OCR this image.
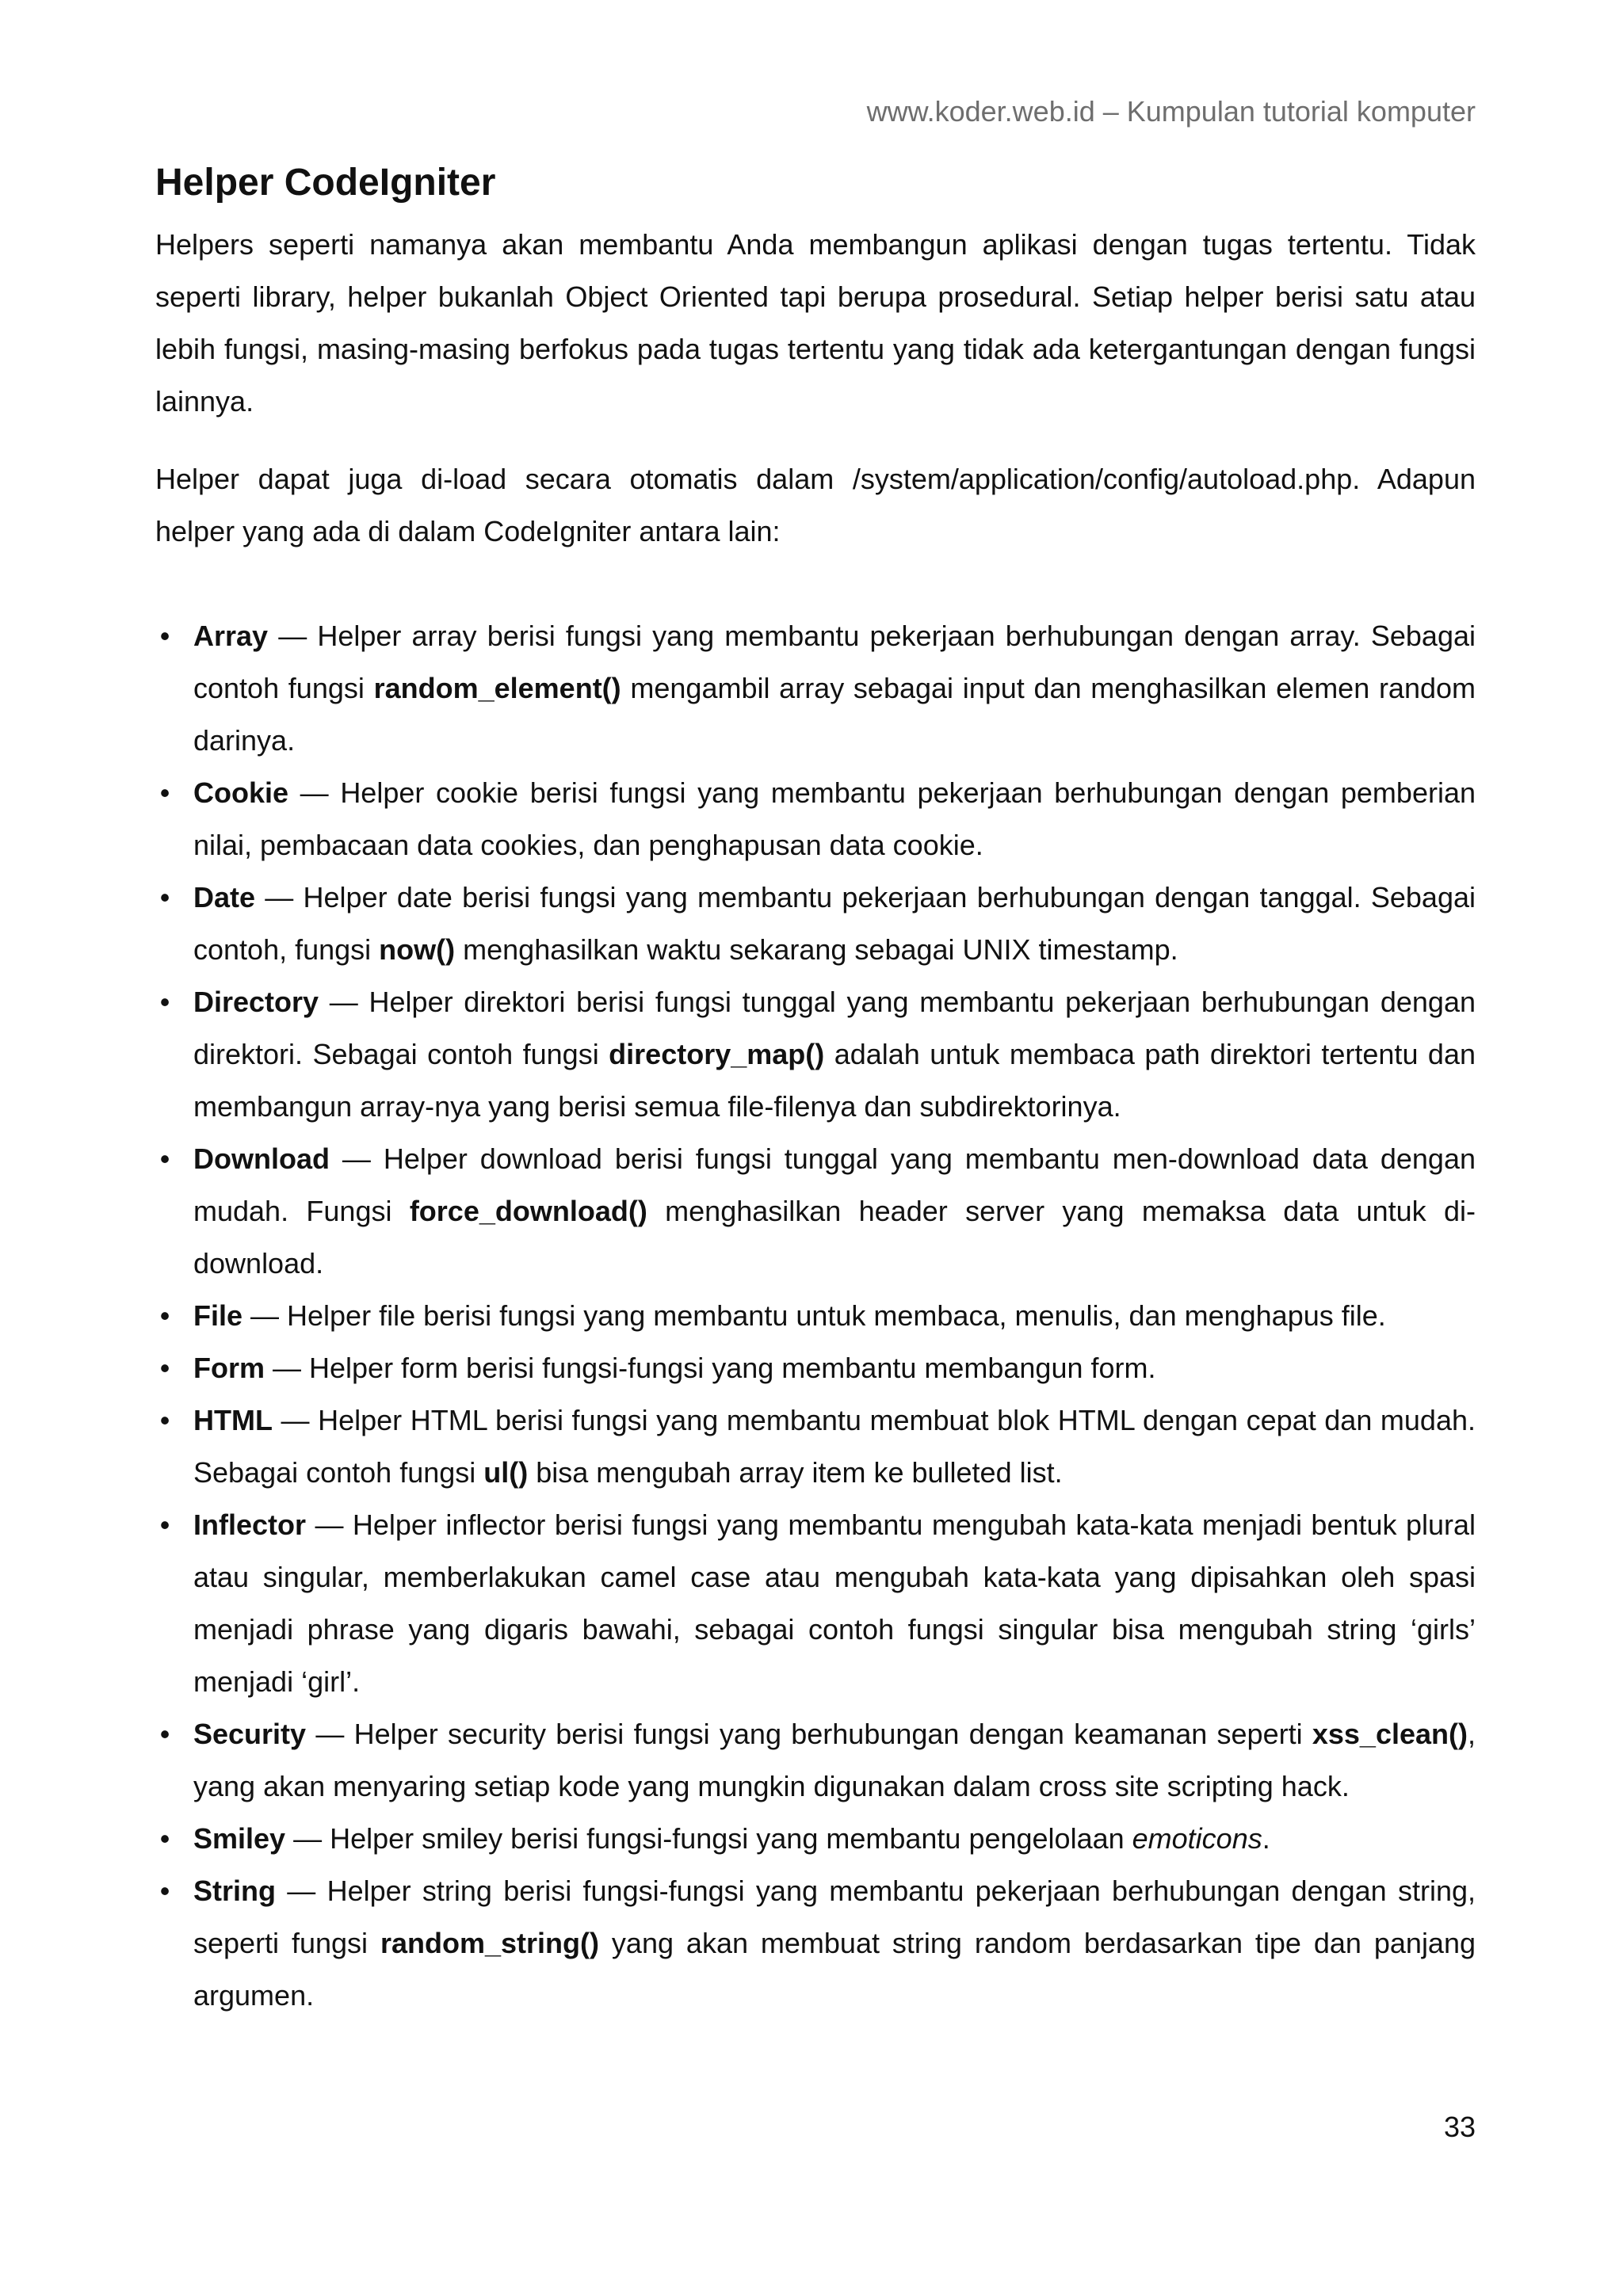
www.koder.web.id – Kumpulan tutorial komputer
Helper CodeIgniter

Helpers seperti namanya akan membantu Anda membangun aplikasi dengan tugas tertentu. Tidak seperti library, helper bukanlah Object Oriented tapi berupa prosedural. Setiap helper berisi satu atau lebih fungsi, masing-masing berfokus pada tugas tertentu yang tidak ada ketergantungan dengan fungsi lainnya.

Helper dapat juga di-load secara otomatis dalam /system/application/config/autoload.php. Adapun helper yang ada di dalam CodeIgniter antara lain:

• Array — Helper array berisi fungsi yang membantu pekerjaan berhubungan dengan array. Sebagai contoh fungsi random_element() mengambil array sebagai input dan menghasilkan elemen random darinya.
• Cookie — Helper cookie berisi fungsi yang membantu pekerjaan berhubungan dengan pemberian nilai, pembacaan data cookies, dan penghapusan data cookie.
• Date — Helper date berisi fungsi yang membantu pekerjaan berhubungan dengan tanggal. Sebagai contoh, fungsi now() menghasilkan waktu sekarang sebagai UNIX timestamp.
• Directory — Helper direktori berisi fungsi tunggal yang membantu pekerjaan berhubungan dengan direktori. Sebagai contoh fungsi directory_map() adalah untuk membaca path direktori tertentu dan membangun array-nya yang berisi semua file-filenya dan subdirektorinya.
• Download — Helper download berisi fungsi tunggal yang membantu men-download data dengan mudah. Fungsi force_download() menghasilkan header server yang memaksa data untuk di-download.
• File — Helper file berisi fungsi yang membantu untuk membaca, menulis, dan menghapus file.
• Form — Helper form berisi fungsi-fungsi yang membantu membangun form.
• HTML — Helper HTML berisi fungsi yang membantu membuat blok HTML dengan cepat dan mudah. Sebagai contoh fungsi ul() bisa mengubah array item ke bulleted list.
• Inflector — Helper inflector berisi fungsi yang membantu mengubah kata-kata menjadi bentuk plural atau singular, memberlakukan camel case atau mengubah kata-kata yang dipisahkan oleh spasi menjadi phrase yang digaris bawahi, sebagai contoh fungsi singular bisa mengubah string ‘girls’ menjadi ‘girl’.
• Security — Helper security berisi fungsi yang berhubungan dengan keamanan seperti xss_clean(), yang akan menyaring setiap kode yang mungkin digunakan dalam cross site scripting hack.
• Smiley — Helper smiley berisi fungsi-fungsi yang membantu pengelolaan emoticons.
• String — Helper string berisi fungsi-fungsi yang membantu pekerjaan berhubungan dengan string, seperti fungsi random_string() yang akan membuat string random berdasarkan tipe dan panjang argumen.
33
